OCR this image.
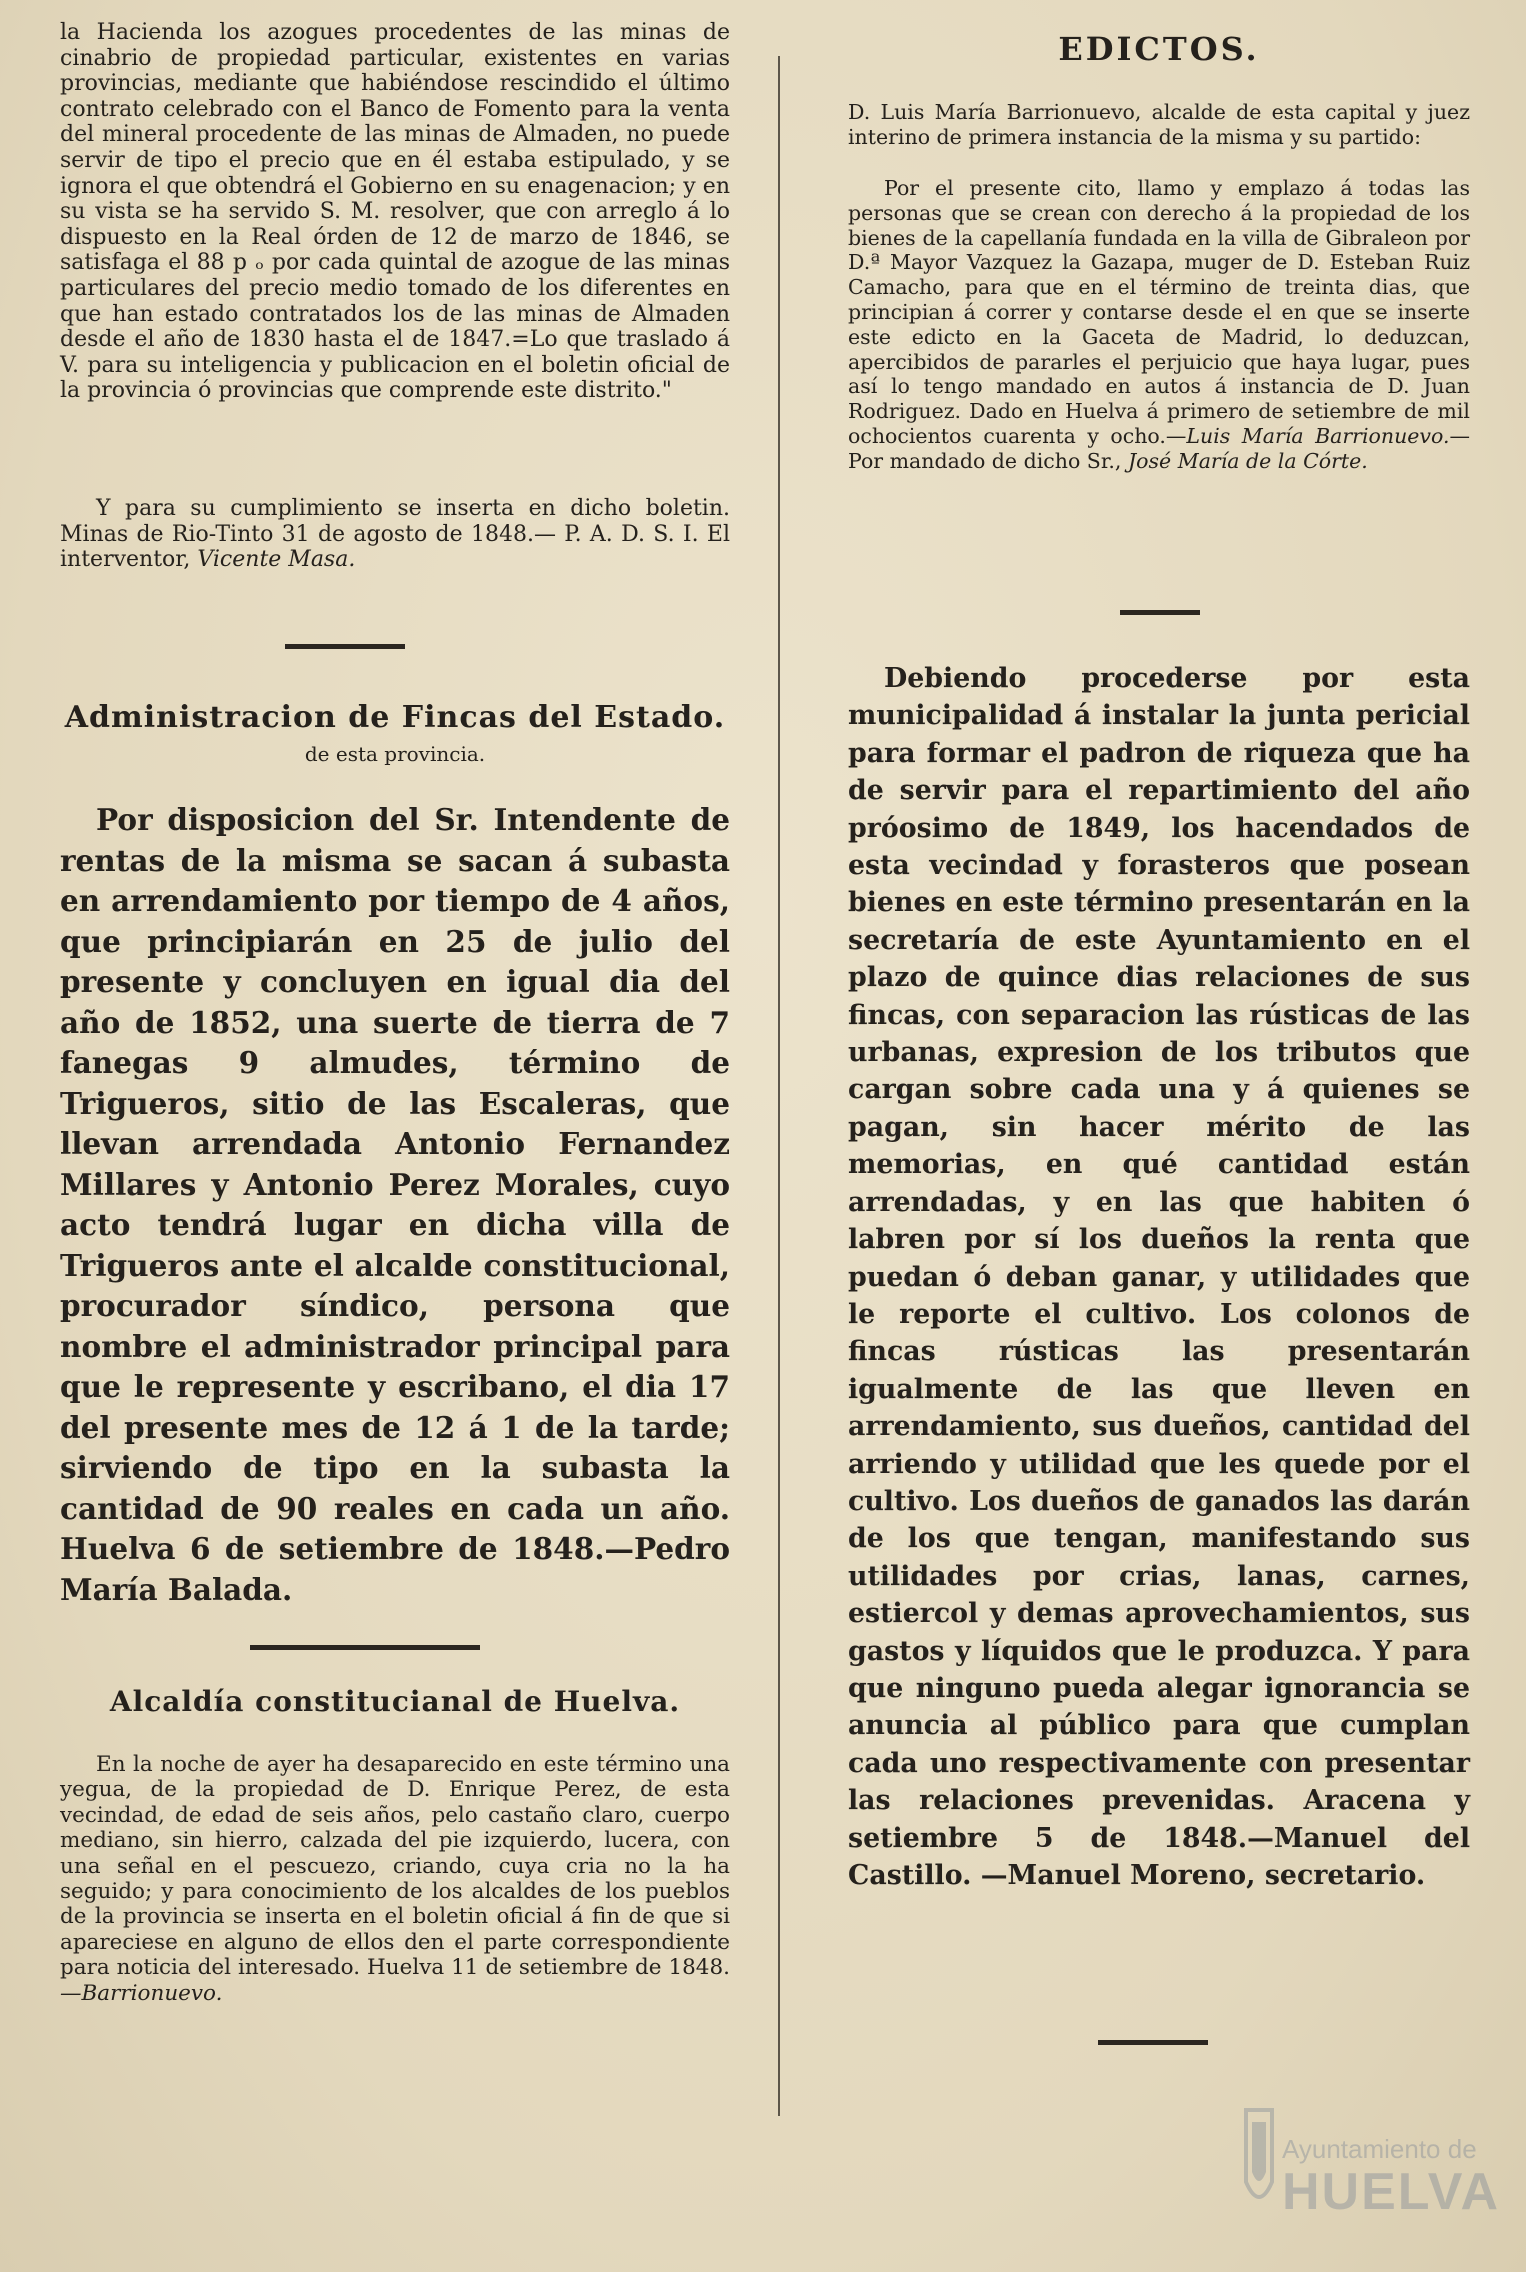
la Hacienda los azogues procedentes de las minas de cinabrio de propiedad particular, existentes en varias provincias, mediante que habiéndose rescindido el último contrato celebrado con el Banco de Fomento para la venta del mineral procedente de las minas de Almaden, no puede servir de tipo el precio que en él estaba estipulado, y se ignora el que obtendrá el Gobierno en su enagenacion; y en su vista se ha servido S. M. resolver, que con arreglo á lo dispuesto en la Real órden de 12 de marzo de 1846, se satisfaga el 88 p ₒ por cada quintal de azogue de las minas particulares del precio medio tomado de los diferentes en que han estado contratados los de las minas de Almaden desde el año de 1830 hasta el de 1847.=Lo que traslado á V. para su inteligencia y publicacion en el boletin oficial de la provincia ó provincias que comprende este distrito."

Y para su cumplimiento se inserta en dicho boletin. Minas de Rio-Tinto 31 de agosto de 1848.— P. A. D. S. I. El interventor, Vicente Masa.

Administracion de Fincas del Estado.
de esta provincia.

Por disposicion del Sr. Intendente de rentas de la misma se sacan á subasta en arrendamiento por tiempo de 4 años, que principiarán en 25 de julio del presente y concluyen en igual dia del año de 1852, una suerte de tierra de 7 fanegas 9 almudes, término de Trigueros, sitio de las Escaleras, que llevan arrendada Antonio Fernandez Millares y Antonio Perez Morales, cuyo acto tendrá lugar en dicha villa de Trigueros ante el alcalde constitucional, procurador síndico, persona que nombre el administrador principal para que le represente y escribano, el dia 17 del presente mes de 12 á 1 de la tarde; sirviendo de tipo en la subasta la cantidad de 90 reales en cada un año. Huelva 6 de setiembre de 1848.—Pedro María Balada.

Alcaldía constitucianal de Huelva.

En la noche de ayer ha desaparecido en este término una yegua, de la propiedad de D. Enrique Perez, de esta vecindad, de edad de seis años, pelo castaño claro, cuerpo mediano, sin hierro, calzada del pie izquierdo, lucera, con una señal en el pescuezo, criando, cuya cria no la ha seguido; y para conocimiento de los alcaldes de los pueblos de la provincia se inserta en el boletin oficial á fin de que si apareciese en alguno de ellos den el parte correspondiente para noticia del interesado. Huelva 11 de setiembre de 1848. —Barrionuevo.

EDICTOS.

D. Luis María Barrionuevo, alcalde de esta capital y juez interino de primera instancia de la misma y su partido:

Por el presente cito, llamo y emplazo á todas las personas que se crean con derecho á la propiedad de los bienes de la capellanía fundada en la villa de Gibraleon por D.ª Mayor Vazquez la Gazapa, muger de D. Esteban Ruiz Camacho, para que en el término de treinta dias, que principian á correr y contarse desde el en que se inserte este edicto en la Gaceta de Madrid, lo deduzcan, apercibidos de pararles el perjuicio que haya lugar, pues así lo tengo mandado en autos á instancia de D. Juan Rodriguez. Dado en Huelva á primero de setiembre de mil ochocientos cuarenta y ocho.—Luis María Barrionuevo.—Por mandado de dicho Sr., José María de la Córte.

Debiendo procederse por esta municipalidad á instalar la junta pericial para formar el padron de riqueza que ha de servir para el repartimiento del año próosimo de 1849, los hacendados de esta vecindad y forasteros que posean bienes en este término presentarán en la secretaría de este Ayuntamiento en el plazo de quince dias relaciones de sus fincas, con separacion las rústicas de las urbanas, expresion de los tributos que cargan sobre cada una y á quienes se pagan, sin hacer mérito de las memorias, en qué cantidad están arrendadas, y en las que habiten ó labren por sí los dueños la renta que puedan ó deban ganar, y utilidades que le reporte el cultivo. Los colonos de fincas rústicas las presentarán igualmente de las que lleven en arrendamiento, sus dueños, cantidad del arriendo y utilidad que les quede por el cultivo. Los dueños de ganados las darán de los que tengan, manifestando sus utilidades por crias, lanas, carnes, estiercol y demas aprovechamientos, sus gastos y líquidos que le produzca. Y para que ninguno pueda alegar ignorancia se anuncia al público para que cumplan cada uno respectivamente con presentar las relaciones prevenidas. Aracena y setiembre 5 de 1848.—Manuel del Castillo. —Manuel Moreno, secretario.

Ayuntamiento de
HUELVA
